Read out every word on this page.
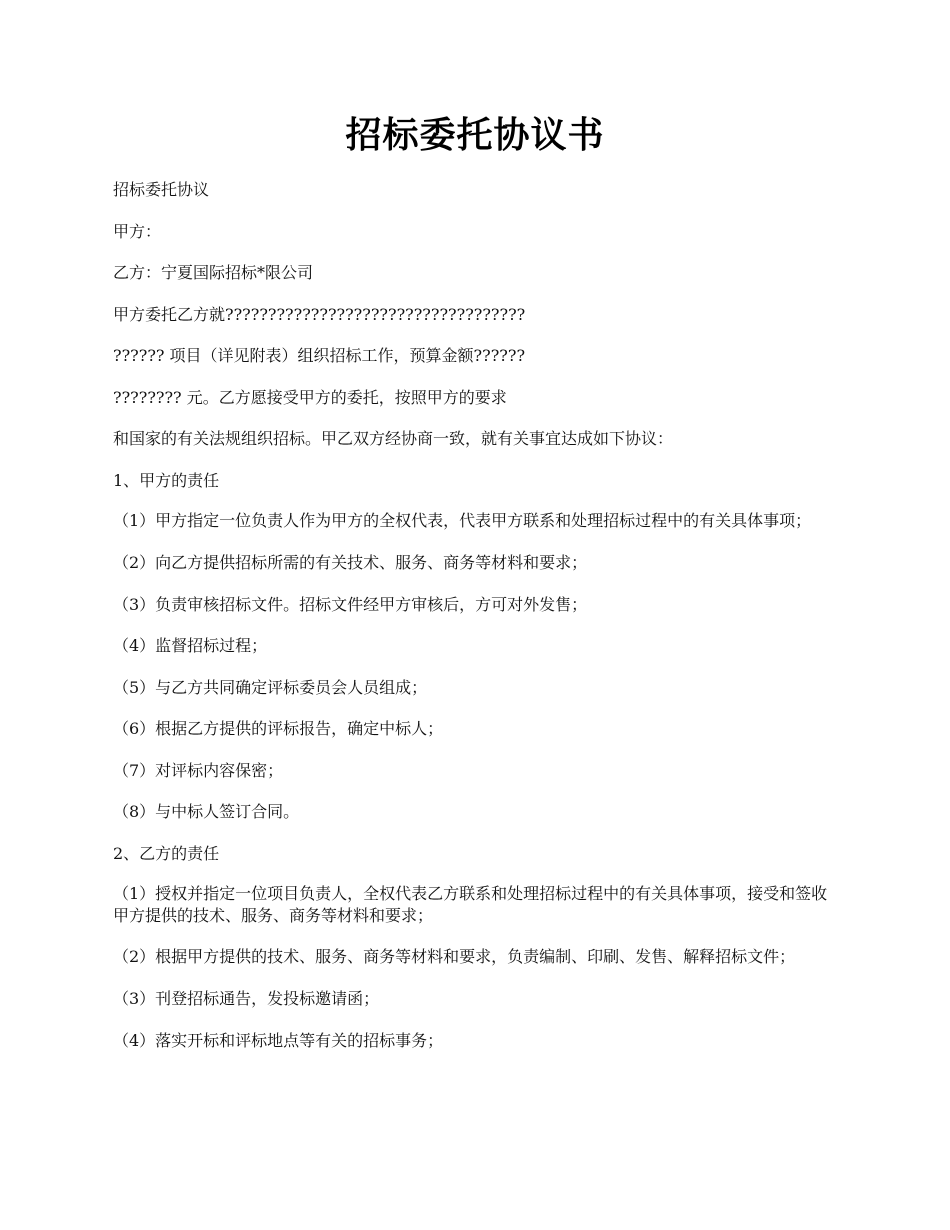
招标委托协议书

招标委托协议

甲方：

乙方：宁夏国际招标*限公司

甲方委托乙方就???????????????????????????????????

?????? 项目（详见附表）组织招标工作，预算金额??????

???????? 元。乙方愿接受甲方的委托，按照甲方的要求

和国家的有关法规组织招标。甲乙双方经协商一致，就有关事宜达成如下协议：

1、甲方的责任

（1）甲方指定一位负责人作为甲方的全权代表，代表甲方联系和处理招标过程中的有关具体事项；

（2）向乙方提供招标所需的有关技术、服务、商务等材料和要求；

（3）负责审核招标文件。招标文件经甲方审核后，方可对外发售；

（4）监督招标过程；

（5）与乙方共同确定评标委员会人员组成；

（6）根据乙方提供的评标报告，确定中标人；

（7）对评标内容保密；

（8）与中标人签订合同。

2、乙方的责任

（1）授权并指定一位项目负责人，全权代表乙方联系和处理招标过程中的有关具体事项，接受和签收甲方提供的技术、服务、商务等材料和要求；

（2）根据甲方提供的技术、服务、商务等材料和要求，负责编制、印刷、发售、解释招标文件；

（3）刊登招标通告，发投标邀请函；

（4）落实开标和评标地点等有关的招标事务；
